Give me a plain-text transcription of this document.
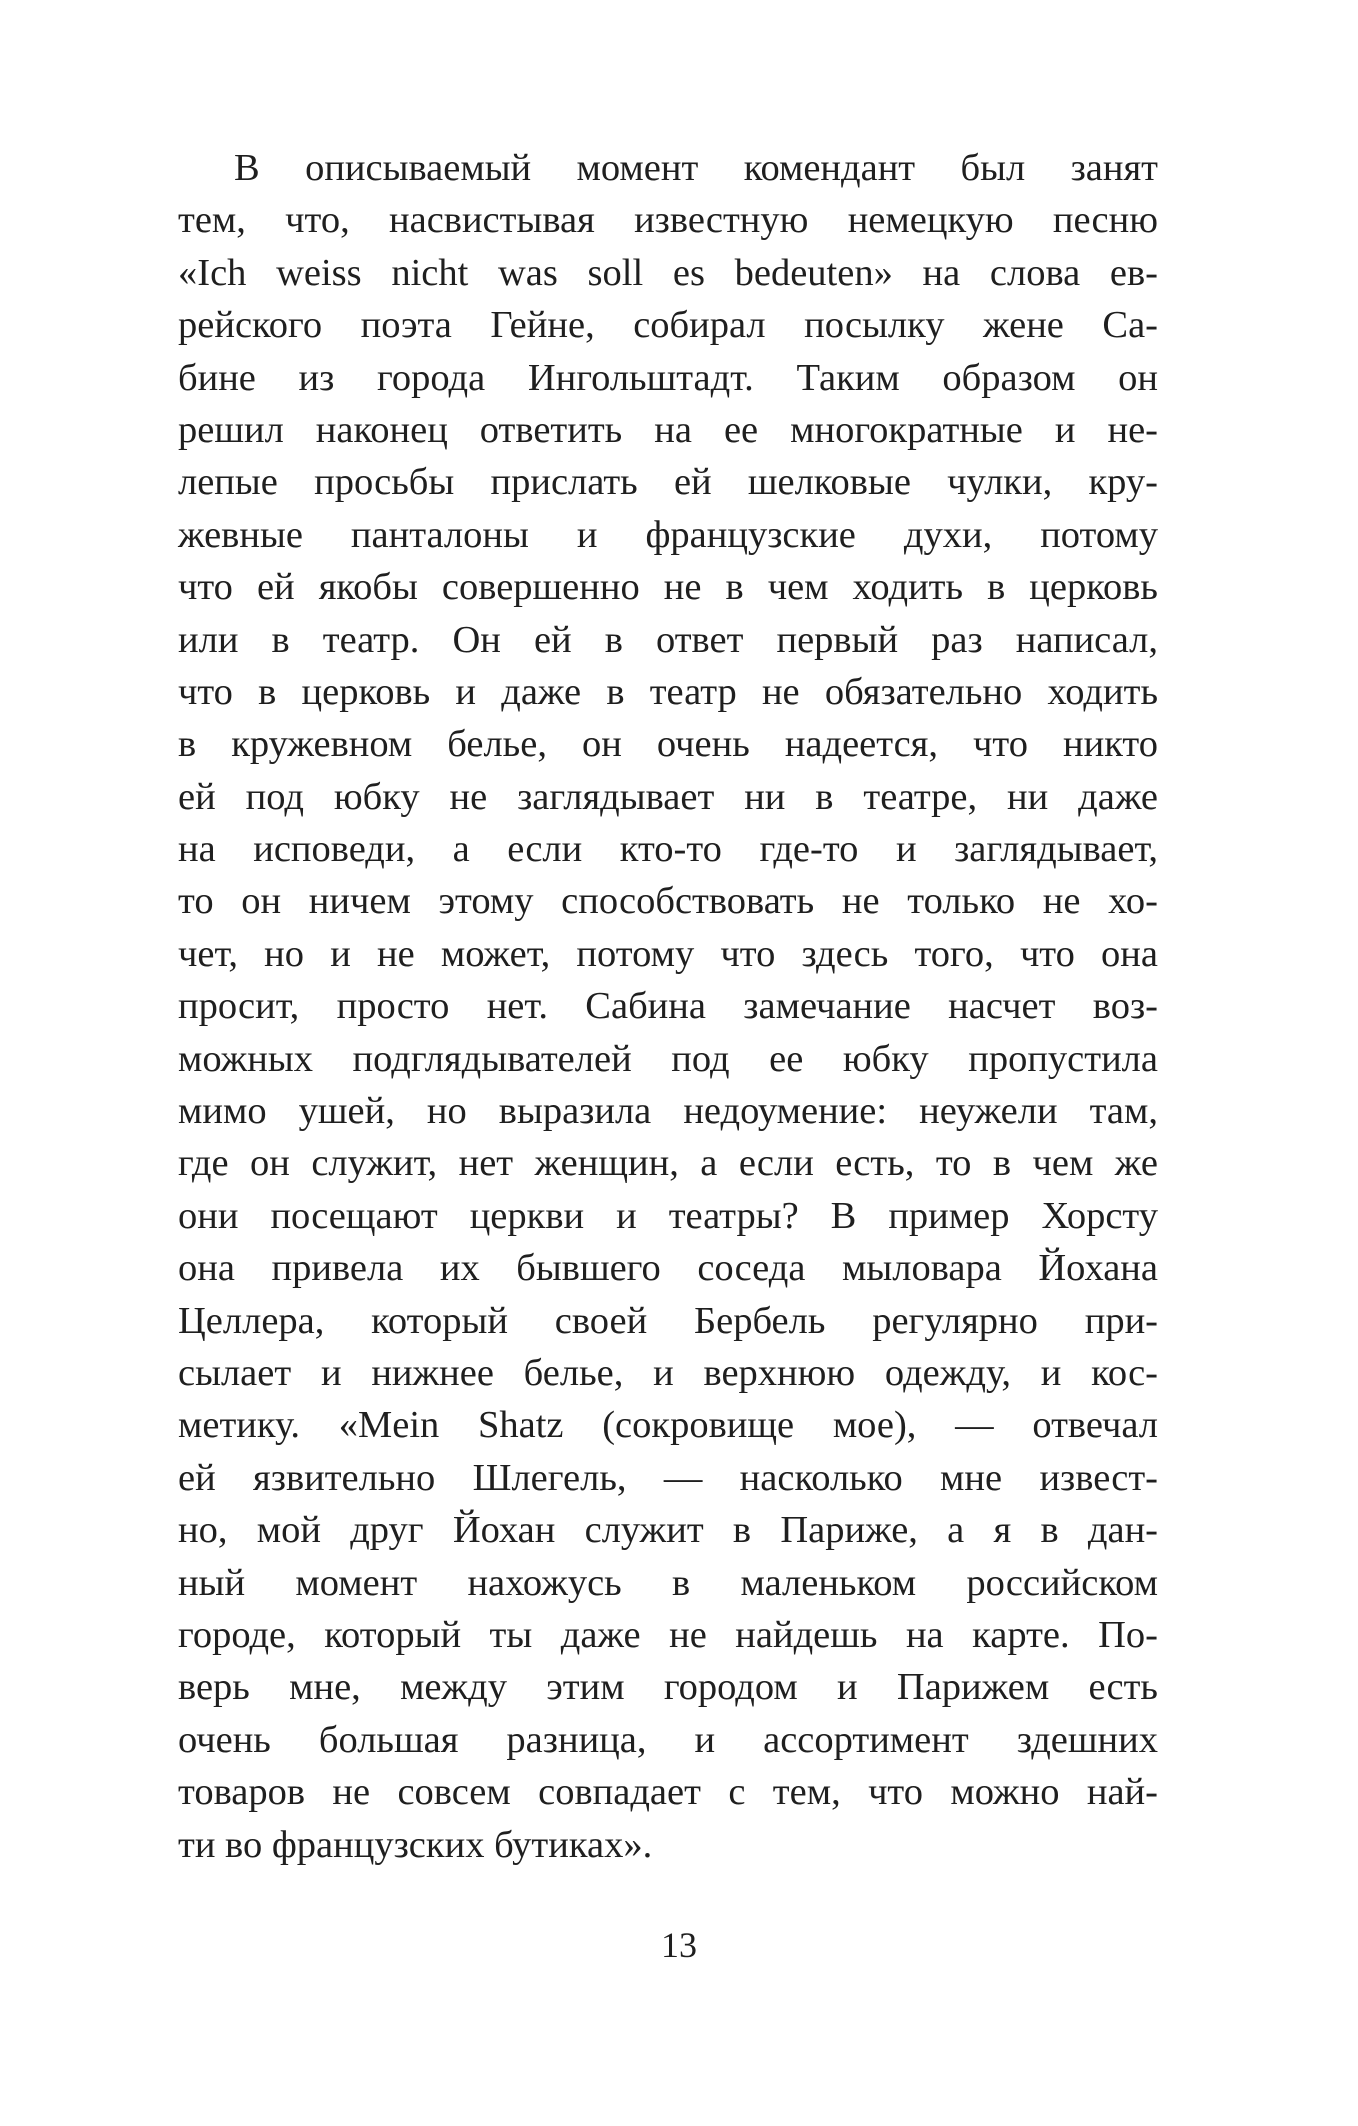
В описываемый момент комендант был занят
тем, что, насвистывая известную немецкую песню
«Ich weiss nicht was soll es bedeuten» на слова ев-
рейского поэта Гейне, собирал посылку жене Са-
бине из города Ингольштадт. Таким образом он
решил наконец ответить на ее многократные и не-
лепые просьбы прислать ей шелковые чулки, кру-
жевные панталоны и французские духи, потому
что ей якобы совершенно не в чем ходить в церковь
или в театр. Он ей в ответ первый раз написал,
что в церковь и даже в театр не обязательно ходить
в кружевном белье, он очень надеется, что никто
ей под юбку не заглядывает ни в театре, ни даже
на исповеди, а если кто-то где-то и заглядывает,
то он ничем этому способствовать не только не хо-
чет, но и не может, потому что здесь того, что она
просит, просто нет. Сабина замечание насчет воз-
можных подглядывателей под ее юбку пропустила
мимо ушей, но выразила недоумение: неужели там,
где он служит, нет женщин, а если есть, то в чем же
они посещают церкви и театры? В пример Хорсту
она привела их бывшего соседа мыловара Йохана
Целлера, который своей Бербель регулярно при-
сылает и нижнее белье, и верхнюю одежду, и кос-
метику. «Mein Shatz (сокровище мое), — отвечал
ей язвительно Шлегель, — насколько мне извест-
но, мой друг Йохан служит в Париже, а я в дан-
ный момент нахожусь в маленьком российском
городе, который ты даже не найдешь на карте. По-
верь мне, между этим городом и Парижем есть
очень большая разница, и ассортимент здешних
товаров не совсем совпадает с тем, что можно най-
ти во французских бутиках».
13
